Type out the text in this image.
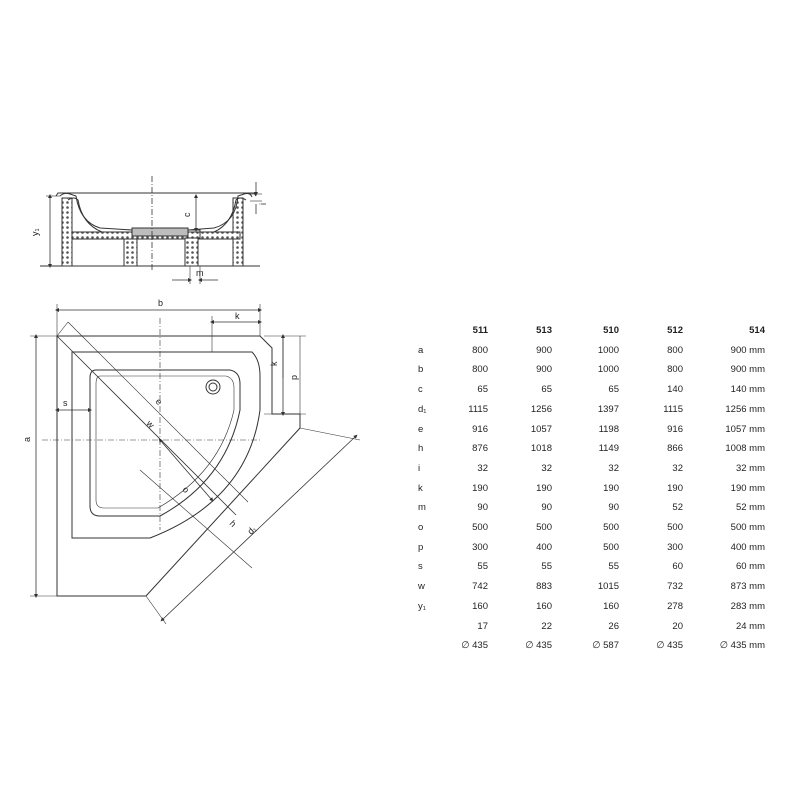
y₁
c
i
m
b
k
k
p
a
s	e
w
o
h
d₁
	511	513	510	512	514
a	800	900	1000	800	900 mm
b	800	900	1000	800	900 mm
c	65	65	65	140	140 mm
d₁	1115	1256	1397	1115	1256 mm
e	916	1057	1198	916	1057 mm
h	876	1018	1149	866	1008 mm
i	32	32	32	32	32 mm
k	190	190	190	190	190 mm
m	90	90	90	52	52 mm
o	500	500	500	500	500 mm
p	300	400	500	300	400 mm
s	55	55	55	60	60 mm
w	742	883	1015	732	873 mm
y₁	160	160	160	278	283 mm
	17	22	26	20	24 mm
	∅ 435	∅ 435	∅ 587	∅ 435	∅ 435 mm
